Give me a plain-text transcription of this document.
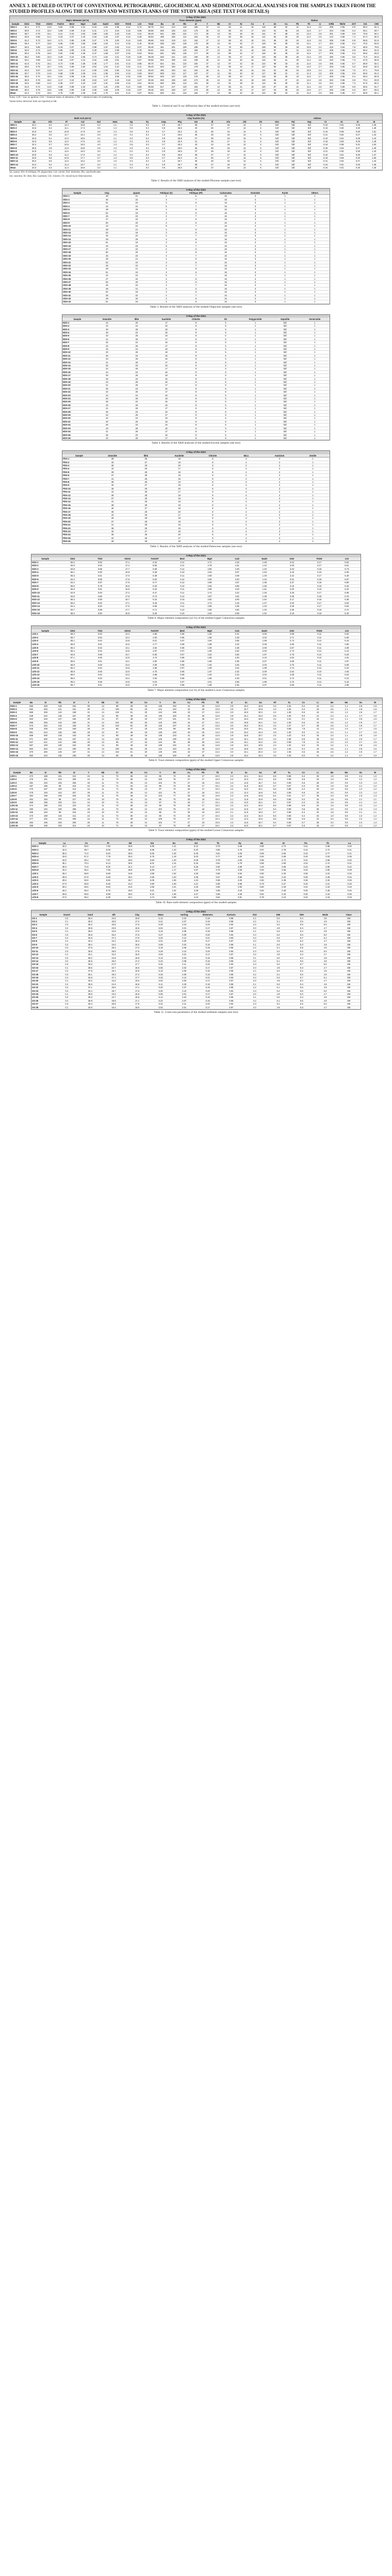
ANNEX 3. DETAILED OUTPUT OF CONVENTIONAL PETROGRAPHIC, GEOCHEMICAL AND SEDIMENTOLOGICAL ANALYSES FOR THE SAMPLES TAKEN FROM THE STUDIED PROFILES ALONG THE EASTERN AND WESTERN FLANKS OF THE STUDY AREA (SEE TEXT FOR DETAILS)
X-Ray of the 2021																																
	Major elements (wt.%)										Trace elements (ppm)										Ratios											
Sample	SiO2	TiO2	Al2O3	Fe2O3	MnO	MgO	CaO	Na2O	K2O	P2O5	LOI	Total	Ba	Sr	Rb	Zr	Y	Nb	Cr	Ni	Co	V	Zn	Cu	Pb	Th	U	K/Rb	Rb/Sr	Zr/Y	CIA	CIW
SDS-1	62.4	0.71	14.8	5.62	0.08	2.31	3.15	1.84	2.96	0.14	5.74	99.75	512	214	118	186	27	12	84	41	16	118	86	32	21	11.4	2.6	208	0.55	6.9	68.2	81.4
SDS-2	60.9	0.74	15.3	5.88	0.09	2.44	3.41	1.71	3.04	0.15	5.96	99.66	528	226	124	179	28	13	88	43	17	124	91	35	23	11.8	2.7	204	0.55	6.4	69.1	82.7
SDS-3	58.7	0.79	16.1	6.21	0.10	2.62	3.68	1.55	3.18	0.16	6.31	99.40	541	238	131	171	29	13	93	46	18	131	97	38	24	12.3	2.8	201	0.55	5.9	70.6	84.1
SDS-4	63.8	0.68	14.1	5.34	0.07	2.18	2.94	1.92	2.87	0.13	5.48	99.53	498	205	112	192	26	12	80	39	15	112	82	30	20	11.0	2.5	213	0.55	7.4	67.4	80.2
SDS-5	61.2	0.73	15.0	5.71	0.08	2.36	3.27	1.79	3.00	0.14	5.83	99.66	519	219	121	183	27	12	86	42	16	121	88	33	22	11.6	2.6	206	0.55	6.8	68.8	81.9
SDS-6	59.4	0.77	15.8	6.05	0.09	2.55	3.56	1.62	3.12	0.15	6.15	99.45	535	232	128	175	28	13	91	45	17	128	94	36	23	12.1	2.7	202	0.55	6.3	70.0	83.5
SDS-7	64.5	0.66	13.8	5.19	0.07	2.10	2.86	1.97	2.82	0.12	5.37	99.46	491	201	109	196	25	11	78	38	15	109	80	29	19	10.8	2.4	215	0.54	7.8	66.9	79.6
SDS-8	62.0	0.72	14.9	5.66	0.08	2.33	3.20	1.82	2.98	0.14	5.78	99.61	515	216	119	185	27	12	85	41	16	119	87	32	21	11.5	2.6	208	0.55	6.9	68.4	81.6
SDS-9	60.3	0.75	15.5	5.94	0.09	2.48	3.47	1.68	3.07	0.15	6.03	99.51	531	228	126	177	28	13	89	44	17	126	92	35	23	11.9	2.7	203	0.55	6.3	69.5	83.0
SDS-10	58.2	0.80	16.3	6.29	0.10	2.66	3.74	1.52	3.21	0.16	6.38	99.38	545	241	133	169	29	14	95	47	18	133	98	39	25	12.4	2.8	200	0.55	5.8	71.0	84.5
SDS-11	63.1	0.69	14.4	5.45	0.07	2.24	3.02	1.88	2.91	0.13	5.57	99.56	504	209	115	189	26	12	82	40	15	115	84	31	20	11.2	2.5	210	0.55	7.3	67.8	80.8
SDS-12	61.6	0.72	15.1	5.74	0.08	2.38	3.30	1.77	3.01	0.14	5.86	99.70	521	221	122	182	27	12	87	42	16	122	89	33	22	11.6	2.6	205	0.55	6.7	68.9	82.1
SDS-13	59.8	0.76	15.7	6.01	0.09	2.52	3.52	1.64	3.10	0.15	6.11	99.40	533	230	127	176	28	13	90	44	17	127	93	36	23	12.0	2.7	203	0.55	6.3	69.8	83.3
SDS-14	64.0	0.67	13.9	5.27	0.07	2.14	2.90	1.95	2.85	0.12	5.43	99.40	495	203	111	194	26	11	79	38	15	111	81	29	19	10.9	2.4	213	0.55	7.5	67.1	79.9
SDS-15	62.7	0.70	14.6	5.58	0.08	2.29	3.11	1.85	2.94	0.13	5.69	99.67	509	212	117	187	27	12	83	40	16	117	85	31	21	11.3	2.5	209	0.55	6.9	68.0	81.2
SDS-16	60.6	0.74	15.4	5.91	0.09	2.46	3.44	1.70	3.05	0.15	6.00	99.54	529	227	125	178	28	13	88	43	17	125	92	35	23	11.8	2.7	203	0.55	6.4	69.3	82.8
SDS-17	58.9	0.78	16.0	6.17	0.10	2.60	3.64	1.57	3.16	0.16	6.27	99.35	539	236	130	172	29	13	92	46	18	130	96	37	24	12.2	2.8	202	0.55	5.9	70.4	83.9
SDS-18	63.5	0.68	14.2	5.38	0.07	2.20	2.97	1.91	2.88	0.13	5.51	99.43	500	206	113	191	26	12	81	39	15	113	83	30	20	11.1	2.5	212	0.55	7.3	67.6	80.4
SDS-19	61.9	0.72	14.9	5.68	0.08	2.34	3.23	1.81	2.99	0.14	5.80	99.58	517	217	120	184	27	12	85	41	16	120	87	32	21	11.5	2.6	207	0.55	6.8	68.5	81.7
SDS-20	60.0	0.76	15.6	5.98	0.09	2.50	3.50	1.66	3.09	0.15	6.07	99.46	532	229	127	176	28	13	90	44	17	127	93	36	23	12.0	2.7	202	0.55	6.3	69.7	83.2
Mean	61.3	0.73	15.0	5.75	0.08	2.39	3.30	1.76	3.01	0.14	5.87	99.51	520	221	122	182	27	12	86	42	16	122	89	33	22	11.6	2.6	206	0.55	6.7	68.9	82.1
Notes: LOI = loss on ignition; CIA = chemical index of alteration; CIW = chemical index of weathering.
Values below detection limit are reported as bdl.
Table 1. Chemical and X-ray diffraction data of the studied sections (see text)
X-Ray of the 2021																						
	Bulk rock (wt.%)							Clay fraction (%)							Indices							
Sample	Qz	Kfs	Pl	Cal	Dol	Hem	Gp	Py	Amp	Phy	Sm	Ill	Kln	Chl	I/S	Vrm	Pal	Sep	CI	KI	IC	SI
NDS-1	34.1	5.2	11.4	16.8	3.2	1.1	0.4	0.2	0.9	26.7	38	27	18	12	5	bdl	bdl	bdl	0.42	0.61	0.28	1.45
NDS-2	33.6	5.4	11.1	17.3	3.5	1.2	0.3	0.2	0.8	26.6	40	26	17	12	5	bdl	bdl	bdl	0.43	0.60	0.29	1.48
NDS-3	32.9	5.6	10.8	17.9	3.8	1.3	0.5	0.3	0.7	26.2	42	25	16	12	5	bdl	bdl	bdl	0.44	0.59	0.30	1.51
NDS-4	35.2	5.0	11.7	16.1	2.9	1.0	0.4	0.2	1.0	26.5	36	28	19	12	5	bdl	bdl	bdl	0.41	0.62	0.27	1.42
NDS-5	34.5	5.1	11.5	16.5	3.1	1.1	0.3	0.2	0.9	26.8	37	28	18	12	5	bdl	bdl	bdl	0.42	0.61	0.28	1.44
NDS-6	33.3	5.5	11.0	17.6	3.6	1.2	0.4	0.3	0.8	26.3	41	26	17	11	5	bdl	bdl	bdl	0.43	0.60	0.29	1.49
NDS-7	32.4	5.7	10.6	18.2	4.0	1.3	0.5	0.3	0.7	26.3	43	24	16	12	5	bdl	bdl	bdl	0.44	0.58	0.31	1.53
NDS-8	35.6	4.9	11.9	15.8	2.8	1.0	0.3	0.2	1.0	26.5	35	29	19	12	5	bdl	bdl	bdl	0.40	0.63	0.27	1.40
NDS-9	34.8	5.1	11.6	16.3	3.0	1.1	0.4	0.2	0.9	26.6	37	28	18	12	5	bdl	bdl	bdl	0.41	0.62	0.28	1.43
NDS-10	33.9	5.3	11.2	17.0	3.4	1.2	0.4	0.2	0.8	26.6	39	27	17	12	5	bdl	bdl	bdl	0.42	0.61	0.29	1.47
NDS-11	33.0	5.6	10.9	17.7	3.7	1.3	0.5	0.3	0.7	26.3	41	25	17	12	5	bdl	bdl	bdl	0.43	0.59	0.30	1.50
NDS-12	35.0	5.0	11.6	16.2	3.0	1.0	0.3	0.2	1.0	26.7	36	28	19	12	5	bdl	bdl	bdl	0.41	0.62	0.27	1.43
NDS-13	34.3	5.2	11.3	16.7	3.2	1.1	0.4	0.2	0.9	26.7	38	27	18	12	5	bdl	bdl	bdl	0.42	0.61	0.28	1.46
Mean	34.0	5.3	11.3	16.9	3.3	1.1	0.4	0.2	0.9	26.5	38	27	18	12	5	bdl	bdl	bdl	0.42	0.61	0.28	1.46
Qz: quartz; Kfs: K-feldspar; Pl: plagioclase; Cal: calcite; Dol: dolomite; Phy: phyllosilicates.
Sm: smectite; Ill: illite; Kln: kaolinite; Chl: chlorite; I/S: mixed-layer illite/smectite.
Table 2. Results of the XRD analyses of the studied Pliocene samples (see text)
X-Ray of the 2021								
Sample	Clay	Quartz	Feldspar (K)	Feldspar (Pl)	Carbonates	Dolomite	Pyrite	Others
ODS-1	48	21	4	6	16	3	1	1
ODS-2	46	22	4	7	16	3	1	1
ODS-3	51	19	3	6	16	3	1	1
ODS-4	44	24	5	7	15	3	1	1
ODS-5	49	20	4	6	16	3	1	1
ODS-6	52	18	3	6	16	3	1	1
ODS-7	45	23	4	7	16	3	1	1
ODS-8	47	22	4	6	16	3	1	1
ODS-9	50	20	3	6	16	3	1	1
ODS-10	43	24	5	7	16	3	1	1
ODS-11	48	21	4	6	16	3	1	1
ODS-12	53	18	3	5	16	3	1	1
ODS-13	46	22	4	7	16	3	1	1
ODS-14	49	20	4	6	16	3	1	1
ODS-15	51	19	3	6	16	3	1	1
ODS-16	44	23	5	7	16	3	1	1
ODS-17	47	22	4	6	16	3	1	1
ODS-18	50	20	3	6	16	3	1	1
ODS-19	45	23	4	7	16	3	1	1
ODS-20	48	21	4	6	16	3	1	1
ODS-21	52	19	3	5	16	3	1	1
ODS-22	46	22	4	7	16	3	1	1
ODS-23	49	21	4	6	15	3	1	1
ODS-24	51	19	3	6	16	3	1	1
ODS-25	44	24	5	7	15	3	1	1
ODS-26	47	22	4	6	16	3	1	1
ODS-27	50	20	3	6	16	3	1	1
ODS-28	45	23	4	7	16	3	1	1
ODS-29	48	21	4	6	16	3	1	1
ODS-30	52	18	3	6	16	3	1	1
ODS-31	46	22	4	7	16	3	1	1
ODS-32	49	20	4	6	16	3	1	1
ODS-33	51	19	3	6	16	3	1	1
Table 3. Results of the XRD analyses of the studied Oligocene samples (see text)
X-Ray of the 2021								
Sample	Smectite	Illite	Kaolinite	Chlorite	I/S	Palygorskite	Sepiolite	Vermiculite
EDS-1	42	25	17	9	5	1	bdl	1
EDS-2	44	24	16	9	5	1	bdl	1
EDS-3	40	26	18	9	5	1	bdl	1
EDS-4	46	23	15	9	5	1	bdl	1
EDS-5	43	25	16	9	5	1	bdl	1
EDS-6	41	26	17	9	5	1	bdl	1
EDS-7	45	23	16	9	5	1	bdl	1
EDS-8	42	25	17	9	5	1	bdl	1
EDS-9	44	24	16	9	5	1	bdl	1
EDS-10	40	26	18	9	5	1	bdl	1
EDS-11	46	23	15	9	5	1	bdl	1
EDS-12	43	25	16	9	5	1	bdl	1
EDS-13	41	26	17	9	5	1	bdl	1
EDS-14	45	23	16	9	5	1	bdl	1
EDS-15	42	25	17	9	5	1	bdl	1
EDS-16	44	24	16	9	5	1	bdl	1
EDS-17	40	26	18	9	5	1	bdl	1
EDS-18	46	23	15	9	5	1	bdl	1
EDS-19	43	25	16	9	5	1	bdl	1
EDS-20	41	26	17	9	5	1	bdl	1
EDS-21	45	23	16	9	5	1	bdl	1
EDS-22	42	25	17	9	5	1	bdl	1
EDS-23	44	24	16	9	5	1	bdl	1
EDS-24	40	26	18	9	5	1	bdl	1
EDS-25	46	23	15	9	5	1	bdl	1
EDS-26	43	25	16	9	5	1	bdl	1
EDS-27	41	26	17	9	5	1	bdl	1
EDS-28	45	23	16	9	5	1	bdl	1
EDS-29	42	25	17	9	5	1	bdl	1
EDS-30	44	24	16	9	5	1	bdl	1
EDS-31	40	26	18	9	5	1	bdl	1
EDS-32	46	23	15	9	5	1	bdl	1
EDS-33	43	25	16	9	5	1	bdl	1
EDS-34	41	26	17	9	5	1	bdl	1
EDS-35	45	23	16	9	5	1	bdl	1
EDS-36	42	25	17	9	5	1	bdl	1
Table 4. Results of the XRD analyses of the studied Eocene samples (see text)
X-Ray of the 2021							
Sample	Smectite	Illite	Kaolinite	Chlorite	Mica	Analcime	Zeolite
PDS-1	38	28	19	8	4	2	1
PDS-2	40	27	18	8	4	2	1
PDS-3	36	29	20	8	4	2	1
PDS-4	42	26	17	8	4	2	1
PDS-5	39	28	18	8	4	2	1
PDS-6	37	29	19	8	4	2	1
PDS-7	41	26	18	8	4	2	1
PDS-8	38	28	19	8	4	2	1
PDS-9	40	27	18	8	4	2	1
PDS-10	36	29	20	8	4	2	1
PDS-11	42	26	17	8	4	2	1
PDS-12	39	28	18	8	4	2	1
PDS-13	37	29	19	8	4	2	1
PDS-14	41	26	18	8	4	2	1
PDS-15	38	28	19	8	4	2	1
PDS-16	40	27	18	8	4	2	1
PDS-17	36	29	20	8	4	2	1
PDS-18	42	26	17	8	4	2	1
PDS-19	39	28	18	8	4	2	1
PDS-20	37	29	19	8	4	2	1
PDS-21	41	26	18	8	4	2	1
PDS-22	38	28	19	8	4	2	1
PDS-23	40	27	18	8	4	2	1
PDS-24	36	29	20	8	4	2	1
PDS-25	42	26	17	8	4	2	1
PDS-26	39	28	18	8	4	2	1
Table 5. Results of the XRD analyses of the studied Paleocene samples (see text)
X-Ray of the 2021											
Sample	SiO2	TiO2	Al2O3	Fe2O3T	MnO	MgO	CaO	Na2O	K2O	P2O5	LOI
KDS-1	55.2	0.82	17.1	6.42	0.11	2.71	4.15	1.48	3.24	0.17	6.52
KDS-2	54.6	0.84	17.4	6.55	0.11	2.78	4.31	1.44	3.29	0.17	6.61
KDS-3	53.9	0.86	17.7	6.69	0.12	2.85	4.48	1.40	3.34	0.18	6.73
KDS-4	56.1	0.80	16.8	6.28	0.10	2.64	3.97	1.53	3.18	0.16	6.39
KDS-5	55.5	0.81	17.0	6.38	0.11	2.69	4.09	1.49	3.22	0.17	6.48
KDS-6	54.2	0.85	17.6	6.62	0.12	2.82	4.40	1.42	3.31	0.18	6.67
KDS-7	53.4	0.87	17.9	6.77	0.12	2.89	4.57	1.38	3.37	0.18	6.80
KDS-8	56.6	0.79	16.6	6.20	0.10	2.60	3.88	1.55	3.15	0.16	6.32
KDS-9	55.8	0.81	16.9	6.33	0.11	2.66	4.03	1.51	3.20	0.16	6.44
KDS-10	54.9	0.83	17.2	6.47	0.11	2.74	4.22	1.46	3.26	0.17	6.56
KDS-11	53.6	0.86	17.8	6.73	0.12	2.87	4.52	1.39	3.35	0.18	6.76
KDS-12	56.3	0.80	16.7	6.24	0.10	2.62	3.93	1.54	3.17	0.16	6.36
KDS-13	55.0	0.82	17.1	6.45	0.11	2.72	4.18	1.47	3.25	0.17	6.54
KDS-14	54.4	0.84	17.5	6.58	0.11	2.80	4.35	1.43	3.30	0.17	6.64
KDS-15	53.7	0.86	17.7	6.71	0.12	2.86	4.50	1.40	3.35	0.18	6.74
KDS-16	56.0	0.80	16.8	6.29	0.10	2.64	3.99	1.52	3.18	0.16	6.40
Table 6. Major element composition (wt.%) of the studied Upper Cretaceous samples
X-Ray of the 2021											
Sample	SiO2	TiO2	Al2O3	Fe2O3T	MnO	MgO	CaO	Na2O	K2O	P2O5	LOI
LDS-1	66.2	0.62	13.2	4.85	0.06	1.92	2.41	2.05	2.68	0.11	5.02
LDS-2	65.7	0.63	13.4	4.93	0.06	1.96	2.48	2.02	2.71	0.11	5.09
LDS-3	65.1	0.64	13.6	5.01	0.07	2.00	2.56	1.99	2.74	0.12	5.16
LDS-4	66.8	0.61	13.0	4.77	0.06	1.88	2.34	2.08	2.65	0.11	4.95
LDS-5	66.4	0.62	13.1	4.82	0.06	1.90	2.38	2.06	2.67	0.11	4.99
LDS-6	65.4	0.64	13.5	4.97	0.07	1.98	2.52	2.00	2.73	0.12	5.13
LDS-7	64.8	0.65	13.7	5.05	0.07	2.02	2.60	1.97	2.76	0.12	5.20
LDS-8	67.1	0.60	12.9	4.73	0.06	1.86	2.30	2.10	2.63	0.10	4.91
LDS-9	66.6	0.61	13.1	4.80	0.06	1.89	2.36	2.07	2.66	0.11	4.97
LDS-10	65.9	0.63	13.3	4.90	0.06	1.94	2.45	2.03	2.70	0.11	5.06
LDS-11	65.2	0.64	13.6	4.99	0.07	1.99	2.54	1.99	2.74	0.12	5.15
LDS-12	66.9	0.60	13.0	4.75	0.06	1.87	2.32	2.09	2.64	0.10	4.93
LDS-13	66.0	0.62	13.3	4.88	0.06	1.93	2.43	2.04	2.69	0.11	5.04
LDS-14	65.6	0.63	13.4	4.94	0.06	1.96	2.49	2.01	2.72	0.11	5.10
LDS-15	65.0	0.65	13.6	5.03	0.07	2.01	2.58	1.98	2.75	0.12	5.18
LDS-16	66.7	0.61	13.0	4.78	0.06	1.88	2.35	2.07	2.66	0.11	4.96
Table 7. Major element composition (wt.%) of the studied Lower Cretaceous samples
X-Ray of the 2021																									
Sample	Ba	Sr	Rb	Zr	Y	Nb	Cr	Ni	Co	V	Zn	Cu	Pb	Th	U	Sc	Ga	Hf	Ta	Cs	Li	Be	Mo	Sn	W
KDS-1	556	248	138	164	30	14	98	49	19	138	102	41	26	12.8	2.9	15.4	19.6	4.4	1.02	8.2	42	2.4	1.1	2.8	1.6
KDS-2	562	253	141	161	30	14	100	50	19	141	104	42	26	13.0	2.9	15.7	19.9	4.3	1.04	8.4	43	2.5	1.1	2.8	1.6
KDS-3	569	259	144	158	31	14	102	51	20	144	106	43	27	13.2	3.0	16.0	20.2	4.2	1.06	8.6	44	2.5	1.2	2.9	1.7
KDS-4	549	242	135	167	29	13	96	48	18	135	100	40	25	12.6	2.8	15.1	19.3	4.5	1.00	8.0	41	2.4	1.1	2.7	1.6
KDS-5	553	246	137	165	30	14	97	48	19	137	101	41	26	12.7	2.9	15.3	19.5	4.4	1.01	8.1	42	2.4	1.1	2.8	1.6
KDS-6	566	256	143	159	31	14	101	50	20	143	105	42	27	13.1	3.0	15.9	20.1	4.3	1.05	8.5	44	2.5	1.2	2.9	1.7
KDS-7	573	262	146	156	31	15	103	52	20	146	107	44	27	13.3	3.0	16.2	20.4	4.2	1.07	8.7	45	2.6	1.2	2.9	1.7
KDS-8	545	239	133	169	29	13	95	47	18	133	99	39	25	12.5	2.8	15.0	19.1	4.6	0.99	7.9	41	2.3	1.0	2.7	1.5
KDS-9	551	244	136	166	29	13	97	48	18	136	100	40	25	12.6	2.8	15.2	19.4	4.5	1.00	8.0	41	2.4	1.1	2.7	1.6
KDS-10	559	250	139	163	30	14	99	49	19	139	103	41	26	12.9	2.9	15.5	19.7	4.4	1.03	8.3	43	2.4	1.1	2.8	1.6
KDS-11	571	260	145	157	31	14	102	51	20	145	106	43	27	13.2	3.0	16.1	20.3	4.2	1.06	8.6	45	2.5	1.2	2.9	1.7
KDS-12	547	241	134	168	29	13	95	47	18	134	99	39	25	12.5	2.8	15.1	19.2	4.5	0.99	7.9	41	2.3	1.0	2.7	1.5
KDS-13	557	249	138	164	30	14	98	49	19	138	102	41	26	12.8	2.9	15.4	19.6	4.4	1.02	8.2	42	2.4	1.1	2.8	1.6
KDS-14	564	254	142	160	30	14	100	50	19	142	104	42	26	13.0	2.9	15.8	20.0	4.3	1.04	8.4	44	2.5	1.1	2.8	1.6
KDS-15	570	260	145	157	31	14	102	51	20	145	106	43	27	13.2	3.0	16.1	20.3	4.2	1.06	8.6	45	2.5	1.2	2.9	1.7
KDS-16	550	243	136	166	29	13	96	48	18	136	100	40	25	12.6	2.8	15.2	19.4	4.5	1.00	8.0	41	2.4	1.1	2.7	1.6
Table 8. Trace element composition (ppm) of the studied Upper Cretaceous samples
X-Ray of the 2021																									
Sample	Ba	Sr	Rb	Zr	Y	Nb	Cr	Ni	Co	V	Zn	Cu	Pb	Th	U	Sc	Ga	Hf	Ta	Cs	Li	Be	Mo	Sn	W
LDS-1	472	188	101	212	24	11	72	35	13	98	74	26	17	10.2	2.2	12.1	16.2	5.6	0.88	6.4	33	1.9	0.8	2.2	1.2
LDS-2	476	191	103	209	24	11	73	35	13	100	75	27	17	10.3	2.2	12.3	16.4	5.5	0.89	6.5	34	1.9	0.8	2.2	1.2
LDS-3	481	194	105	206	25	11	74	36	14	102	76	27	18	10.5	2.3	12.5	16.7	5.4	0.90	6.6	35	2.0	0.9	2.3	1.3
LDS-4	467	185	99	215	24	10	71	34	13	96	73	26	17	10.1	2.2	11.9	16.0	5.7	0.87	6.3	33	1.9	0.8	2.1	1.2
LDS-5	470	187	100	213	24	11	71	35	13	97	74	26	17	10.2	2.2	12.0	16.1	5.6	0.88	6.4	33	1.9	0.8	2.2	1.2
LDS-6	479	193	104	207	25	11	74	36	14	101	76	27	18	10.4	2.3	12.4	16.6	5.5	0.90	6.6	34	2.0	0.9	2.2	1.3
LDS-7	484	196	106	204	25	11	75	36	14	103	77	28	18	10.6	2.3	12.6	16.8	5.4	0.91	6.7	35	2.0	0.9	2.3	1.3
LDS-8	464	183	98	217	23	10	70	34	12	95	72	25	16	10.0	2.1	11.8	15.9	5.8	0.86	6.2	32	1.8	0.8	2.1	1.1
LDS-9	469	186	100	214	24	10	71	34	13	97	73	26	17	10.1	2.2	12.0	16.1	5.7	0.87	6.3	33	1.9	0.8	2.1	1.2
LDS-10	474	190	102	210	24	11	72	35	13	99	75	26	17	10.3	2.2	12.2	16.3	5.6	0.88	6.5	34	1.9	0.8	2.2	1.2
LDS-11	480	194	105	206	25	11	74	36	14	102	76	27	18	10.5	2.3	12.5	16.7	5.4	0.90	6.6	35	2.0	0.9	2.3	1.3
LDS-12	466	184	99	216	23	10	70	34	13	96	72	25	16	10.0	2.1	11.9	16.0	5.7	0.86	6.3	32	1.8	0.8	2.1	1.1
LDS-13	473	189	102	211	24	11	72	35	13	98	74	26	17	10.2	2.2	12.2	16.3	5.6	0.88	6.4	34	1.9	0.8	2.2	1.2
LDS-14	477	192	103	208	24	11	73	35	13	100	75	27	17	10.4	2.2	12.3	16.5	5.5	0.89	6.5	34	2.0	0.8	2.2	1.2
LDS-15	482	195	105	205	25	11	75	36	14	102	77	27	18	10.5	2.3	12.5	16.7	5.4	0.90	6.7	35	2.0	0.9	2.3	1.3
LDS-16	468	186	100	214	24	10	71	34	13	97	73	26	17	10.1	2.2	12.0	16.1	5.7	0.87	6.3	33	1.9	0.8	2.1	1.2
Table 9. Trace element composition (ppm) of the studied Lower Cretaceous samples
X-Ray of the 2021														
Sample	La	Ce	Pr	Nd	Sm	Eu	Gd	Tb	Dy	Ho	Er	Tm	Yb	Lu
KDS-1	34.2	68.5	7.92	29.8	5.86	1.21	5.12	0.79	4.68	0.96	2.74	0.41	2.68	0.40
KDS-2	34.8	69.7	8.05	30.3	5.95	1.23	5.20	0.80	4.75	0.97	2.78	0.42	2.72	0.41
KDS-3	35.5	71.0	8.20	30.9	6.06	1.25	5.29	0.81	4.83	0.99	2.83	0.42	2.77	0.41
KDS-4	33.6	67.2	7.78	29.3	5.76	1.19	5.03	0.77	4.60	0.94	2.69	0.40	2.63	0.39
KDS-5	34.0	68.1	7.87	29.6	5.83	1.20	5.09	0.78	4.65	0.95	2.72	0.41	2.66	0.40
KDS-6	35.1	70.3	8.13	30.6	6.01	1.24	5.25	0.81	4.79	0.98	2.80	0.42	2.74	0.41
KDS-7	35.9	71.8	8.30	31.2	6.13	1.27	5.35	0.82	4.88	1.00	2.86	0.43	2.80	0.42
KDS-8	33.2	66.4	7.68	28.9	5.69	1.17	4.97	0.76	4.55	0.93	2.66	0.40	2.60	0.39
LDS-1	28.4	56.9	6.58	24.8	4.88	1.02	4.28	0.66	3.92	0.80	2.30	0.35	2.24	0.34
LDS-2	28.9	57.8	6.69	25.2	4.96	1.03	4.35	0.67	3.98	0.81	2.33	0.35	2.28	0.34
LDS-3	29.5	59.0	6.82	25.7	5.05	1.05	4.43	0.68	4.05	0.83	2.38	0.36	2.32	0.35
LDS-4	27.9	55.9	6.46	24.4	4.80	1.00	4.21	0.65	3.86	0.79	2.27	0.34	2.21	0.33
LDS-5	28.2	56.5	6.53	24.6	4.85	1.01	4.25	0.66	3.90	0.80	2.29	0.34	2.23	0.33
LDS-6	29.2	58.4	6.76	25.5	5.01	1.04	4.39	0.68	4.02	0.82	2.36	0.35	2.30	0.34
LDS-7	29.8	59.6	6.89	26.0	5.10	1.06	4.47	0.69	4.09	0.84	2.40	0.36	2.34	0.35
LDS-8	27.6	55.2	6.39	24.1	4.74	0.99	4.16	0.64	3.81	0.78	2.24	0.34	2.18	0.33
Table 10. Rare earth element composition (ppm) of the studied samples
X-Ray of the 2021													
Sample	Gravel	Sand	Silt	Clay	Mean	Sorting	Skewness	Kurtosis	D10	D50	D90	Mode	Class
GS-1	0.2	38.4	44.6	16.8	5.12	2.04	0.18	0.96	2.1	5.0	8.4	4.8	SM
GS-2	0.1	36.9	45.8	17.2	5.21	2.07	0.19	0.95	2.2	5.1	8.5	4.9	SM
GS-3	0.3	35.2	46.9	17.6	5.30	2.10	0.20	0.94	2.3	5.2	8.6	5.0	SM
GS-4	0.2	39.8	43.5	16.5	5.04	2.01	0.17	0.97	2.0	4.9	8.3	4.7	SM
GS-5	0.1	38.0	44.9	17.0	5.15	2.05	0.18	0.96	2.1	5.0	8.4	4.8	SM
GS-6	0.3	35.8	46.4	17.5	5.27	2.09	0.20	0.94	2.3	5.2	8.6	5.0	SM
GS-7	0.4	34.6	47.2	17.8	5.34	2.12	0.21	0.93	2.4	5.3	8.7	5.1	SM
GS-8	0.1	40.4	43.1	16.4	5.01	2.00	0.17	0.97	2.0	4.9	8.2	4.7	SM
GS-9	0.2	39.2	44.0	16.6	5.08	2.02	0.18	0.96	2.1	5.0	8.3	4.8	SM
GS-10	0.2	37.5	45.3	17.0	5.18	2.06	0.19	0.95	2.2	5.1	8.5	4.9	SM
GS-11	0.3	35.5	46.6	17.6	5.29	2.10	0.20	0.94	2.3	5.2	8.6	5.0	SM
GS-12	0.1	40.1	43.3	16.5	5.03	2.01	0.17	0.97	2.0	4.9	8.3	4.7	SM
GS-13	0.2	38.2	44.8	16.8	5.13	2.04	0.18	0.96	2.1	5.0	8.4	4.8	SM
GS-14	0.2	36.6	46.0	17.2	5.23	2.08	0.19	0.95	2.2	5.1	8.5	4.9	SM
GS-15	0.3	35.0	47.0	17.7	5.32	2.11	0.20	0.94	2.3	5.2	8.7	5.0	SM
GS-16	0.1	39.6	43.7	16.6	5.06	2.02	0.17	0.97	2.0	4.9	8.3	4.7	SM
GS-17	0.2	37.8	45.1	16.9	5.16	2.05	0.18	0.96	2.1	5.0	8.4	4.8	SM
GS-18	0.3	36.1	46.2	17.4	5.26	2.09	0.19	0.95	2.2	5.1	8.5	4.9	SM
GS-19	0.4	34.8	47.1	17.7	5.33	2.12	0.21	0.93	2.4	5.3	8.7	5.1	SM
GS-20	0.1	40.2	43.2	16.5	5.02	2.00	0.17	0.97	2.0	4.9	8.2	4.7	SM
GS-21	0.2	38.6	44.4	16.8	5.11	2.03	0.18	0.96	2.1	5.0	8.4	4.8	SM
GS-22	0.2	37.1	45.6	17.1	5.20	2.07	0.19	0.95	2.2	5.1	8.5	4.9	SM
GS-23	0.3	35.4	46.7	17.6	5.30	2.10	0.20	0.94	2.3	5.2	8.6	5.0	SM
GS-24	0.1	39.9	43.4	16.6	5.05	2.01	0.17	0.97	2.0	4.9	8.3	4.7	SM
GS-25	0.2	38.3	44.7	16.8	5.14	2.04	0.18	0.96	2.1	5.0	8.4	4.8	SM
GS-26	0.2	36.8	45.9	17.1	5.22	2.07	0.19	0.95	2.2	5.1	8.5	4.9	SM
GS-27	0.3	35.3	46.8	17.6	5.31	2.11	0.20	0.94	2.3	5.2	8.6	5.0	SM
GS-28	0.1	40.0	43.4	16.5	5.04	2.01	0.17	0.97	2.0	4.9	8.3	4.7	SM
Table 11. Grain-size parameters of the studied sediment samples (see text)
